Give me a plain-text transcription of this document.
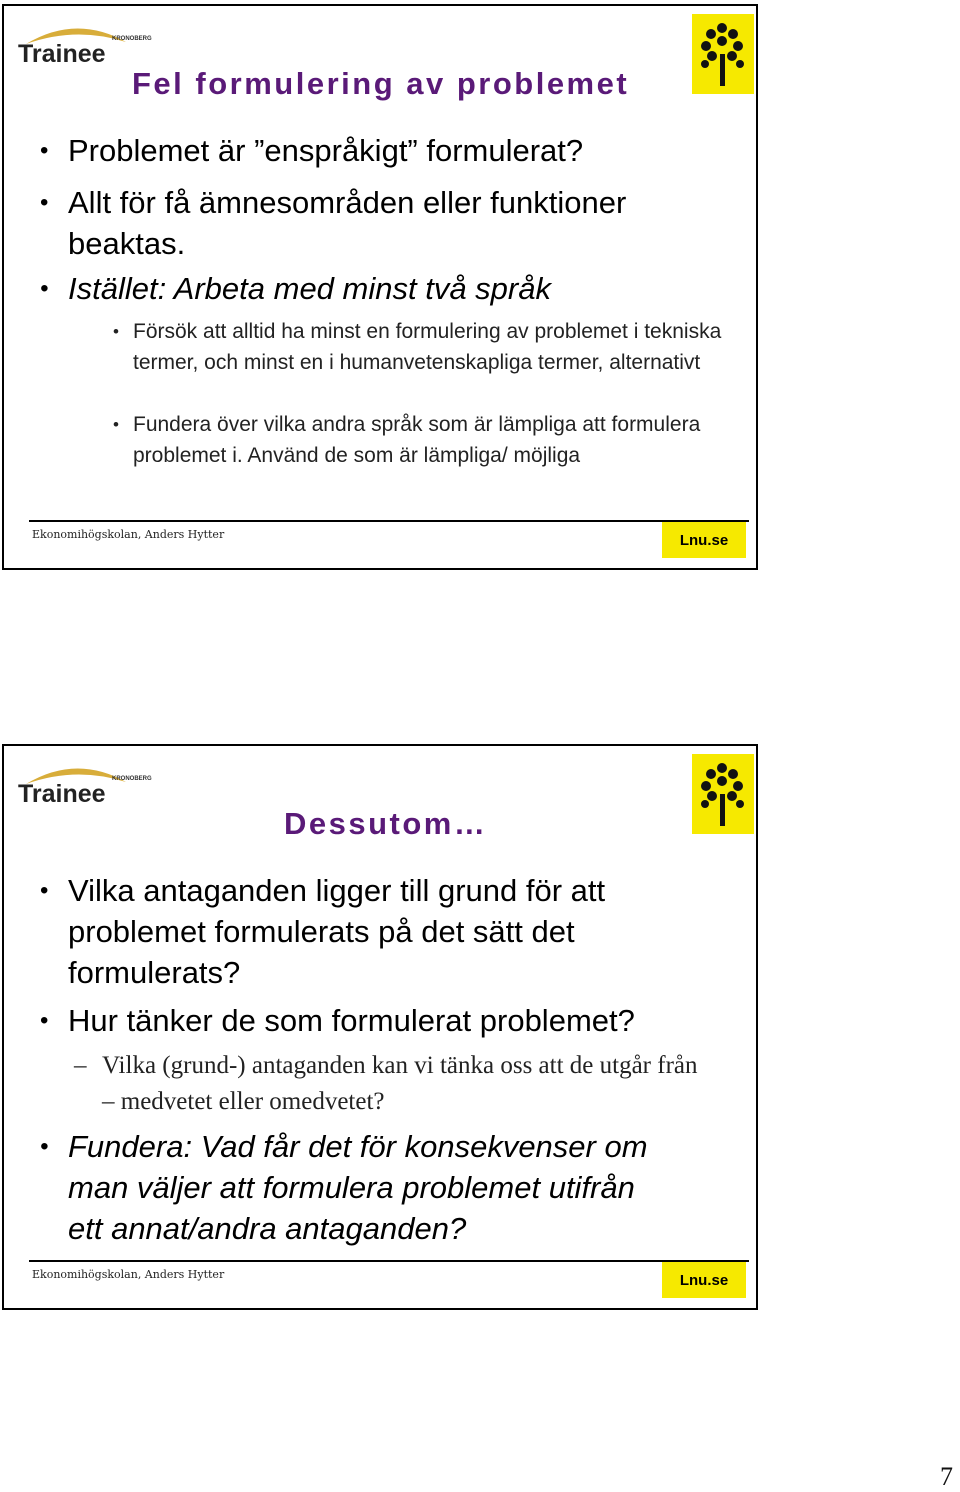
KRONOBERG
Trainee
Fel formulering av problemet
• Problemet är ”enspråkigt” formulerat?
• Allt för få ämnesområden eller funktioner beaktas.
• Istället: Arbeta med minst två språk
• Försök att alltid ha minst en formulering av problemet i tekniska termer, och minst en i humanvetenskapliga termer, alternativt
• Fundera över vilka andra språk som är lämpliga att formulera problemet i. Använd de som är lämpliga/ möjliga
Ekonomihögskolan, Anders Hytter	Lnu.se
KRONOBERG
Trainee
Dessutom…
• Vilka antaganden ligger till grund för att problemet formulerats på det sätt det formulerats?
• Hur tänker de som formulerat problemet?
– Vilka (grund-) antaganden kan vi tänka oss att de utgår från – medvetet eller omedvetet?
• Fundera: Vad får det för konsekvenser om man väljer att formulera problemet utifrån ett annat/andra antaganden?
Ekonomihögskolan, Anders Hytter	Lnu.se
7
